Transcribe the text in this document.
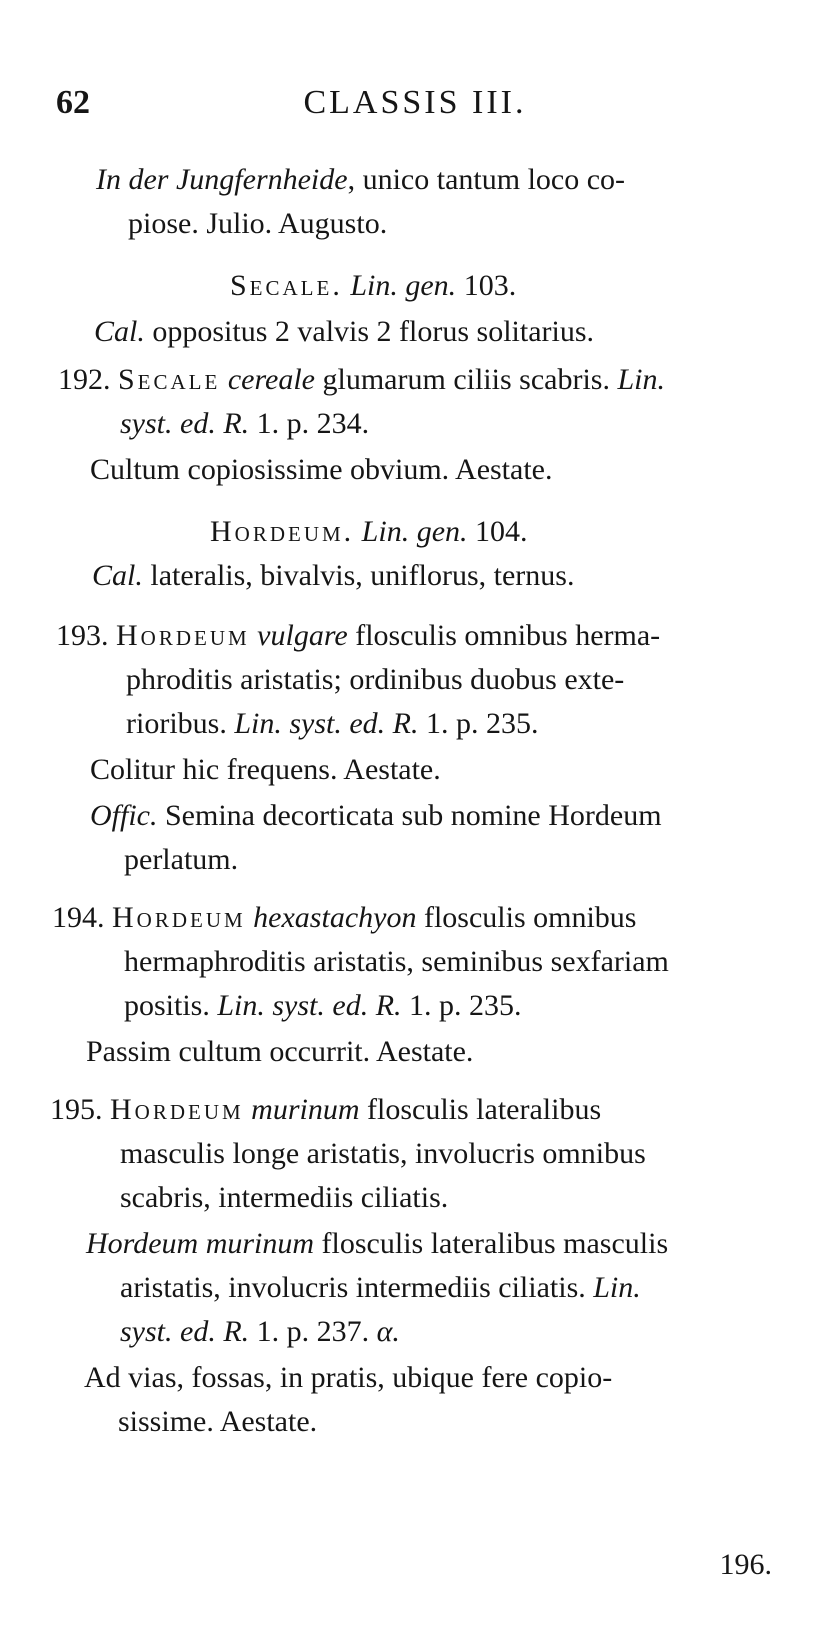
62	CLASSIS III.
In der Jungfernheide, unico tantum loco co-
piose. Julio. Augusto.
Secale. Lin. gen. 103.
Cal. oppositus 2 valvis 2 florus solitarius.
192. Secale cereale glumarum ciliis scabris. Lin.
syst. ed. R. 1. p. 234.
Cultum copiosissime obvium. Aestate.
Hordeum. Lin. gen. 104.
Cal. lateralis, bivalvis, uniflorus, ternus.
193. Hordeum vulgare flosculis omnibus herma-
phroditis aristatis; ordinibus duobus exte-
rioribus. Lin. syst. ed. R. 1. p. 235.
Colitur hic frequens. Aestate.
Offic. Semina decorticata sub nomine Hordeum
perlatum.
194. Hordeum hexastachyon flosculis omnibus
hermaphroditis aristatis, seminibus sexfariam
positis. Lin. syst. ed. R. 1. p. 235.
Passim cultum occurrit. Aestate.
195. Hordeum murinum flosculis lateralibus
masculis longe aristatis, involucris omnibus
scabris, intermediis ciliatis.
Hordeum murinum flosculis lateralibus masculis
aristatis, involucris intermediis ciliatis. Lin.
syst. ed. R. 1. p. 237. α.
Ad vias, fossas, in pratis, ubique fere copio-
sissime. Aestate.
196.
